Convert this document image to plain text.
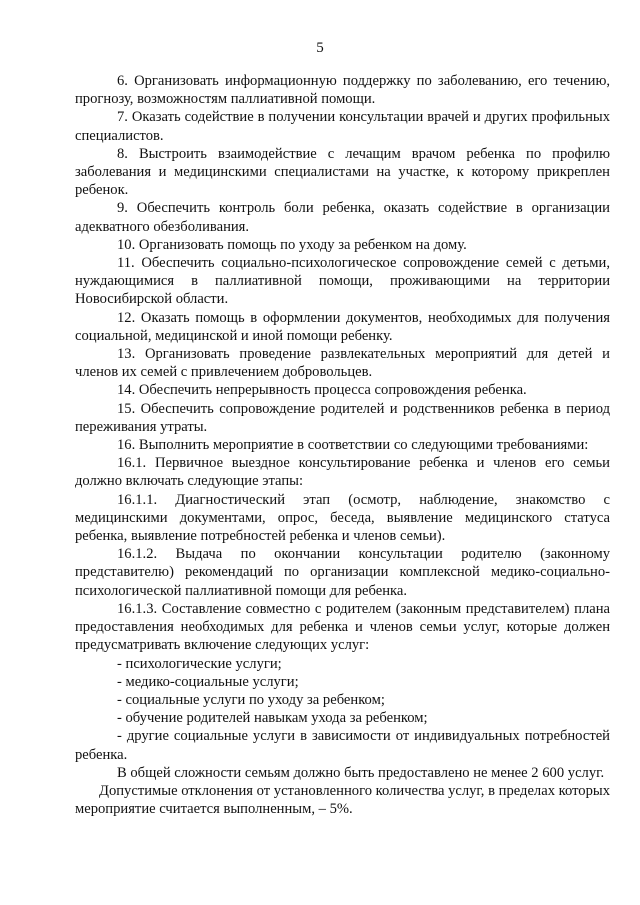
5

6. Организовать информационную поддержку по заболеванию, его течению, прогнозу, возможностям паллиативной помощи.

7. Оказать содействие в получении консультации врачей и других профильных специалистов.

8. Выстроить взаимодействие с лечащим врачом ребенка по профилю заболевания и медицинскими специалистами на участке, к которому прикреплен ребенок.

9. Обеспечить контроль боли ребенка, оказать содействие в организации адекватного обезболивания.

10. Организовать помощь по уходу за ребенком на дому.

11. Обеспечить социально-психологическое сопровождение семей с детьми, нуждающимися в паллиативной помощи, проживающими на территории Новосибирской области.

12. Оказать помощь в оформлении документов, необходимых для получения социальной, медицинской и иной помощи ребенку.

13. Организовать проведение развлекательных мероприятий для детей и членов их семей с привлечением добровольцев.

14. Обеспечить непрерывность процесса сопровождения ребенка.

15. Обеспечить сопровождение родителей и родственников ребенка в период переживания утраты.

16. Выполнить мероприятие в соответствии со следующими требованиями:

16.1. Первичное выездное консультирование ребенка и членов его семьи должно включать следующие этапы:

16.1.1. Диагностический этап (осмотр, наблюдение, знакомство с медицинскими документами, опрос, беседа, выявление медицинского статуса ребенка, выявление потребностей ребенка и членов семьи).

16.1.2. Выдача по окончании консультации родителю (законному представителю) рекомендаций по организации комплексной медико-социально-психологической паллиативной помощи для ребенка.

16.1.3. Составление совместно с родителем (законным представителем) плана предоставления необходимых для ребенка и членов семьи услуг, которые должен предусматривать включение следующих услуг:

- психологические услуги;

- медико-социальные услуги;

- социальные услуги по уходу за ребенком;

- обучение родителей навыкам ухода за ребенком;

- другие социальные услуги в зависимости от индивидуальных потребностей ребенка.

В общей сложности семьям должно быть предоставлено не менее 2 600 услуг.

Допустимые отклонения от установленного количества услуг, в пределах которых мероприятие считается выполненным, – 5%.
